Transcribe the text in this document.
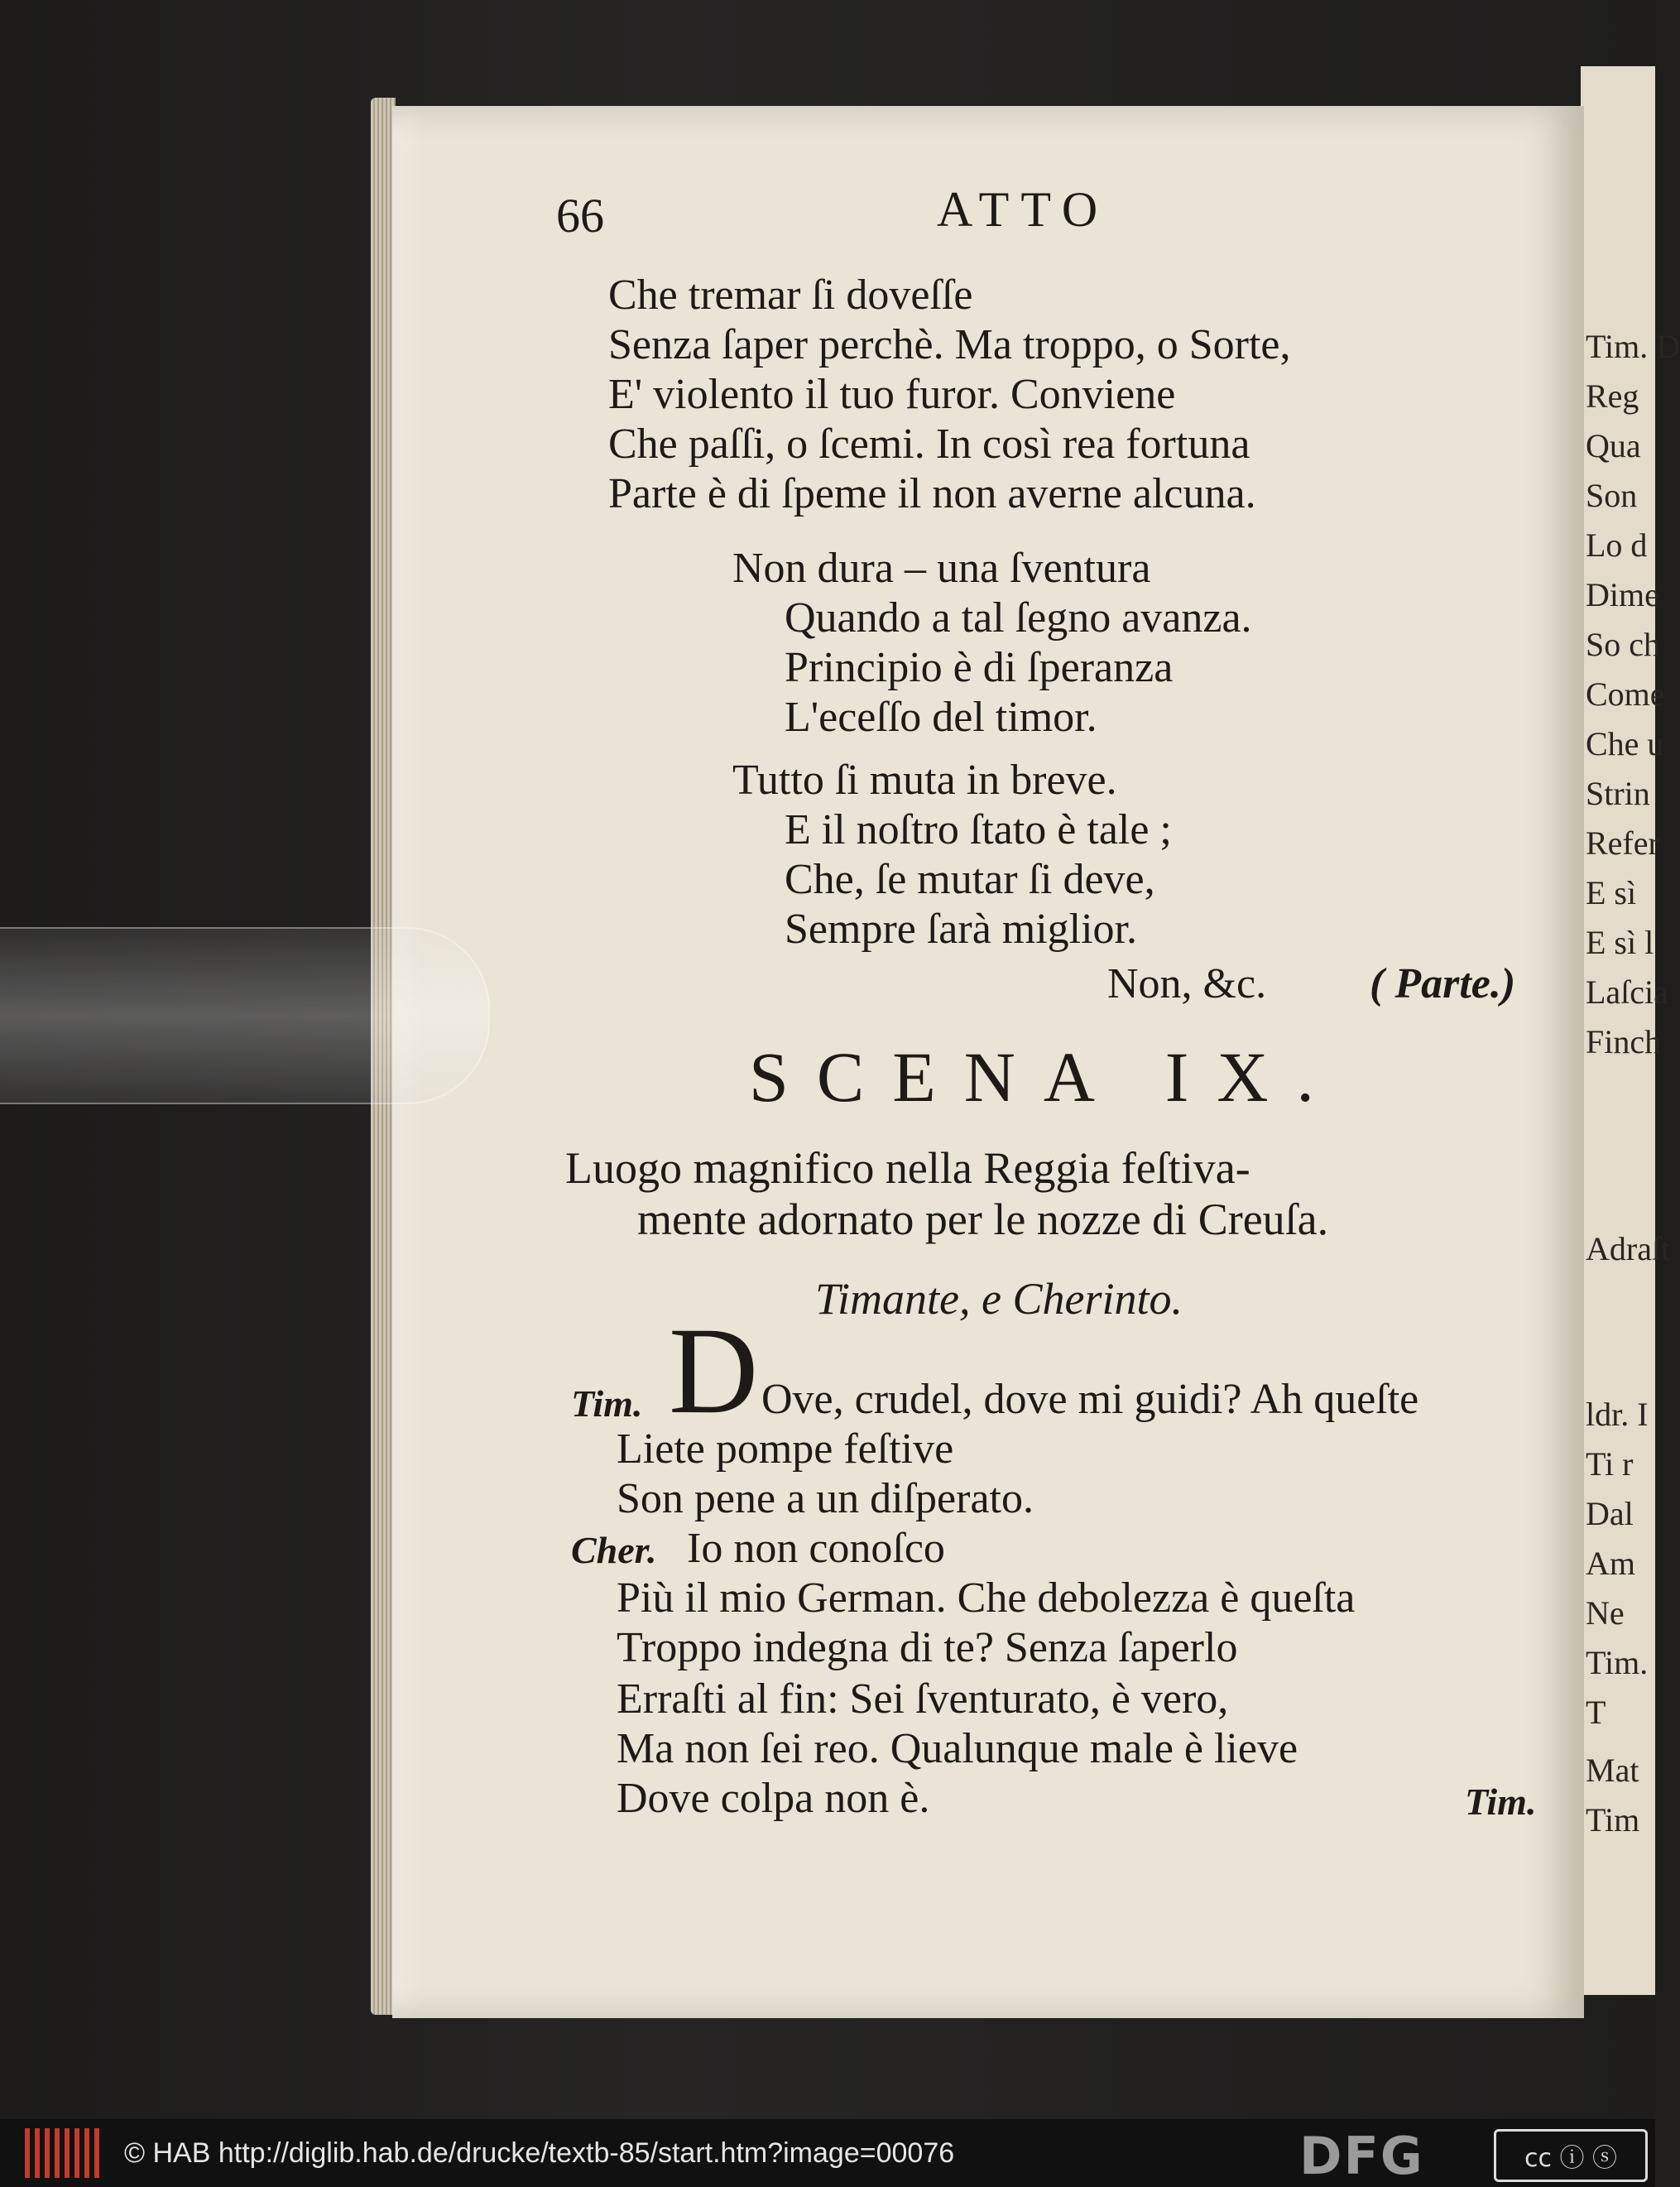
Tim. D
Reg
Qua
Son
Lo d
Dime
So ch
Come
Che u
Strin
Refer
E sì
E sì l
Laſcia
Finch
Adraſt
ldr. I
Ti r
Dal
Am
Ne
Tim.
T
Mat
Tim
66	ATTO
Che tremar ſi doveſſe
Senza ſaper perchè. Ma troppo, o Sorte,
E' violento il tuo furor. Conviene
Che paſſi, o ſcemi. In così rea fortuna
Parte è di ſpeme il non averne alcuna.
Non dura – una ſventura
Quando a tal ſegno avanza.
Principio è di ſperanza
L'eceſſo del timor.
Tutto ſi muta in breve.
E il noſtro ſtato è tale ;
Che, ſe mutar ſi deve,
Sempre ſarà miglior.
Non, &c. ( Parte.)
SCENA IX.
Luogo magnifico nella Reggia feſtiva-
mente adornato per le nozze di Creuſa.
Timante, e Cherinto.
Tim. D Ove, crudel, dove mi guidi? Ah queſte
Liete pompe feſtive
Son pene a un diſperato.
Cher. Io non conoſco
Più il mio German. Che debolezza è queſta
Troppo indegna di te? Senza ſaperlo
Erraſti al fin: Sei ſventurato, è vero,
Ma non ſei reo. Qualunque male è lieve
Dove colpa non è.	Tim.
© HAB http://diglib.hab.de/drucke/textb-85/start.htm?image=00076	DFG	cc ⓘ ⓢ
